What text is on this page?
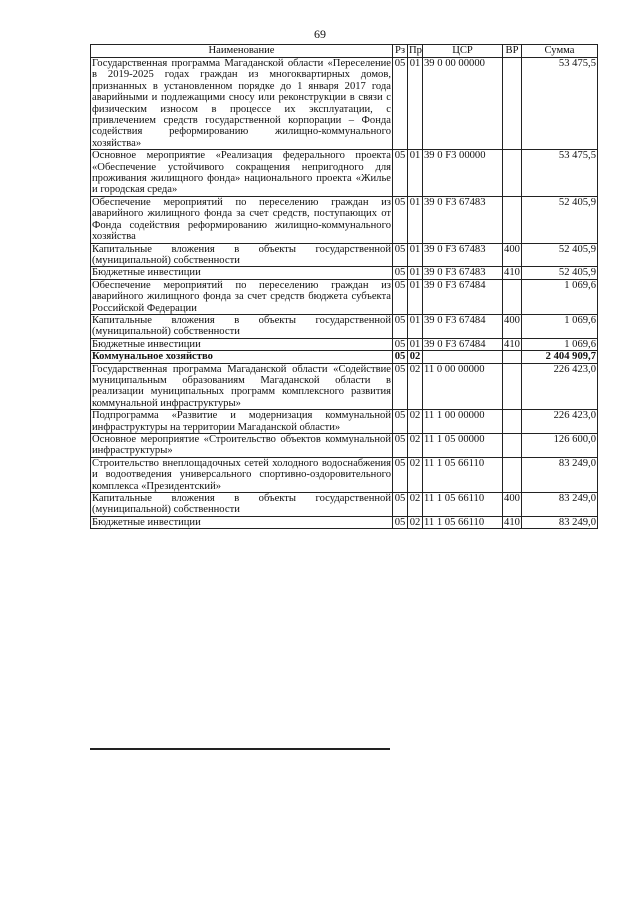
69
Наименование	Рз	Пр	ЦСР	ВР	Сумма
Государственная программа Магаданской области «Переселение в 2019-2025 годах граждан из многоквартирных домов, признанных в установленном порядке до 1 января 2017 года аварийными и подлежащими сносу или реконструкции в связи с физическим износом в процессе их эксплуатации, с привлечением средств государственной корпорации – Фонда содействия реформированию жилищно-коммунального хозяйства»	05	01	39 0 00 00000		53 475,5
Основное мероприятие «Реализация федерального проекта «Обеспечение устойчивого сокращения непригодного для проживания жилищного фонда» национального проекта «Жилье и городская среда»	05	01	39 0 F3 00000		53 475,5
Обеспечение мероприятий по переселению граждан из аварийного жилищного фонда за счет средств, поступающих от Фонда содействия реформированию жилищно-коммунального хозяйства	05	01	39 0 F3 67483		52 405,9
Капитальные вложения в объекты государственной (муниципальной) собственности	05	01	39 0 F3 67483	400	52 405,9
Бюджетные инвестиции	05	01	39 0 F3 67483	410	52 405,9
Обеспечение мероприятий по переселению граждан из аварийного жилищного фонда за счет средств бюджета субъекта Российской Федерации	05	01	39 0 F3 67484		1 069,6
Капитальные вложения в объекты государственной (муниципальной) собственности	05	01	39 0 F3 67484	400	1 069,6
Бюджетные инвестиции	05	01	39 0 F3 67484	410	1 069,6
Коммунальное хозяйство	05	02			2 404 909,7
Государственная программа Магаданской области «Содействие муниципальным образованиям Магаданской области в реализации муниципальных программ комплексного развития коммунальной инфраструктуры»	05	02	11 0 00 00000		226 423,0
Подпрограмма «Развитие и модернизация коммунальной инфраструктуры на территории Магаданской области»	05	02	11 1 00 00000		226 423,0
Основное мероприятие «Строительство объектов коммунальной инфраструктуры»	05	02	11 1 05 00000		126 600,0
Строительство внеплощадочных сетей холодного водоснабжения и водоотведения универсального спортивно-оздоровительного комплекса «Президентский»	05	02	11 1 05 66110		83 249,0
Капитальные вложения в объекты государственной (муниципальной) собственности	05	02	11 1 05 66110	400	83 249,0
Бюджетные инвестиции	05	02	11 1 05 66110	410	83 249,0
